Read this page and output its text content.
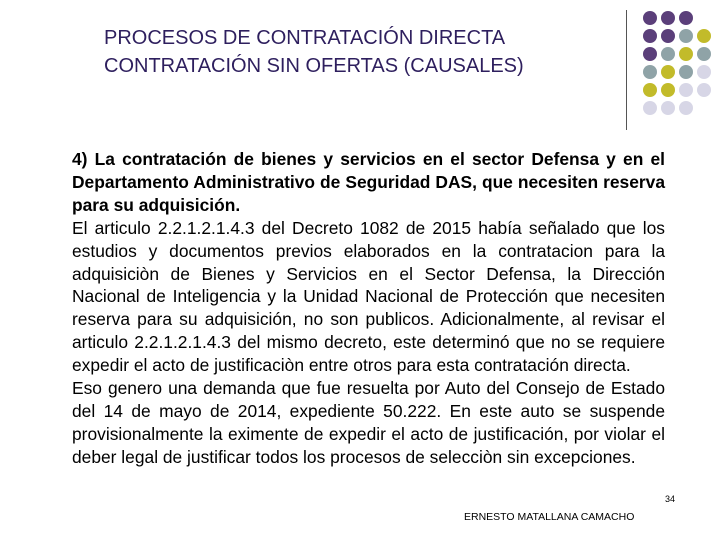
PROCESOS DE CONTRATACIÓN DIRECTA
CONTRATACIÓN SIN OFERTAS (CAUSALES)

4) La contratación de bienes y servicios en el sector Defensa y en el Departamento Administrativo de Seguridad DAS, que necesiten reserva para su adquisición.

El articulo 2.2.1.2.1.4.3 del Decreto 1082 de 2015 había señalado que los estudios y documentos previos elaborados en la contratacion para la adquisiciòn de Bienes y Servicios en el Sector Defensa, la Dirección Nacional de Inteligencia y la Unidad Nacional de Protección que necesiten reserva para su adquisición, no son publicos. Adicionalmente, al revisar el articulo 2.2.1.2.1.4.3 del mismo decreto, este determinó que no se requiere expedir el acto de justificaciòn entre otros para esta contratación directa.

Eso genero una demanda que fue resuelta por Auto del Consejo de Estado del 14 de mayo de 2014, expediente 50.222. En este auto se suspende provisionalmente la eximente de expedir el acto de justificación, por violar el deber legal de justificar todos los procesos de selecciòn sin excepciones.

34
ERNESTO MATALLANA CAMACHO
